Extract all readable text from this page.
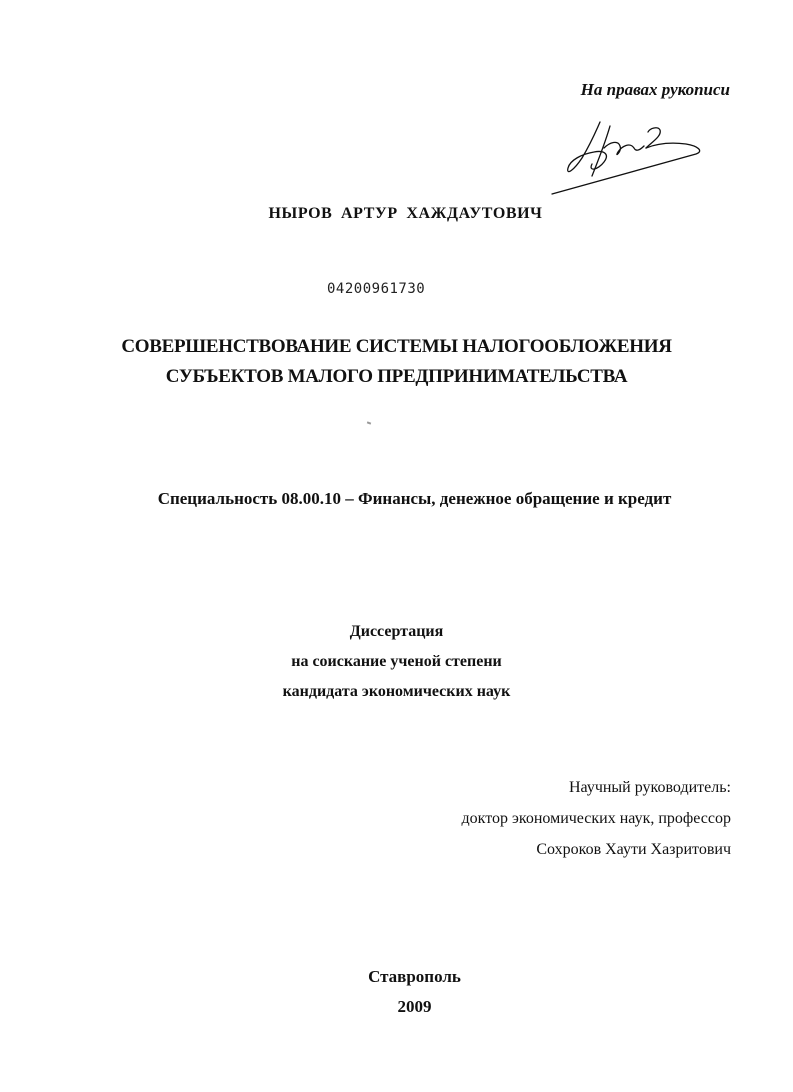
На правах рукописи
НЫРОВ АРТУР ХАЖДАУТОВИЧ
04200961730
СОВЕРШЕНСТВОВАНИЕ СИСТЕМЫ НАЛОГООБЛОЖЕНИЯ
СУБЪЕКТОВ МАЛОГО ПРЕДПРИНИМАТЕЛЬСТВА
Специальность 08.00.10 – Финансы, денежное обращение и кредит
Диссертация
на соискание ученой степени
кандидата экономических наук
Научный руководитель:
доктор экономических наук, профессор
Сохроков Хаути Хазритович
Ставрополь
2009
